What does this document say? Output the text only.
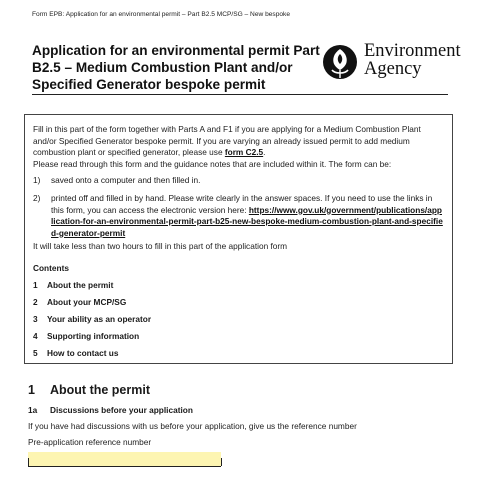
Form EPB: Application for an environmental permit – Part B2.5 MCP/SG – New bespoke
Application for an environmental permit Part B2.5 – Medium Combustion Plant and/or Specified Generator bespoke permit
Environment
Agency
Fill in this part of the form together with Parts A and F1 if you are applying for a Medium Combustion Plant and/or Specified Generator bespoke permit. If you are varying an already issued permit to add medium combustion plant or specified generator, please use form C2.5.
Please read through this form and the guidance notes that are included within it. The form can be:
1) saved onto a computer and then filled in.
2) printed off and filled in by hand. Please write clearly in the answer spaces. If you need to use the links in this form, you can access the electronic version here: https://www.gov.uk/government/publications/application-for-an-environmental-permit-part-b25-new-bespoke-medium-combustion-plant-and-specified-generator-permit
It will take less than two hours to fill in this part of the application form
Contents
1 About the permit
2 About your MCP/SG
3 Your ability as an operator
4 Supporting information
5 How to contact us
1 About the permit
1a Discussions before your application
If you have had discussions with us before your application, give us the reference number
Pre-application reference number
